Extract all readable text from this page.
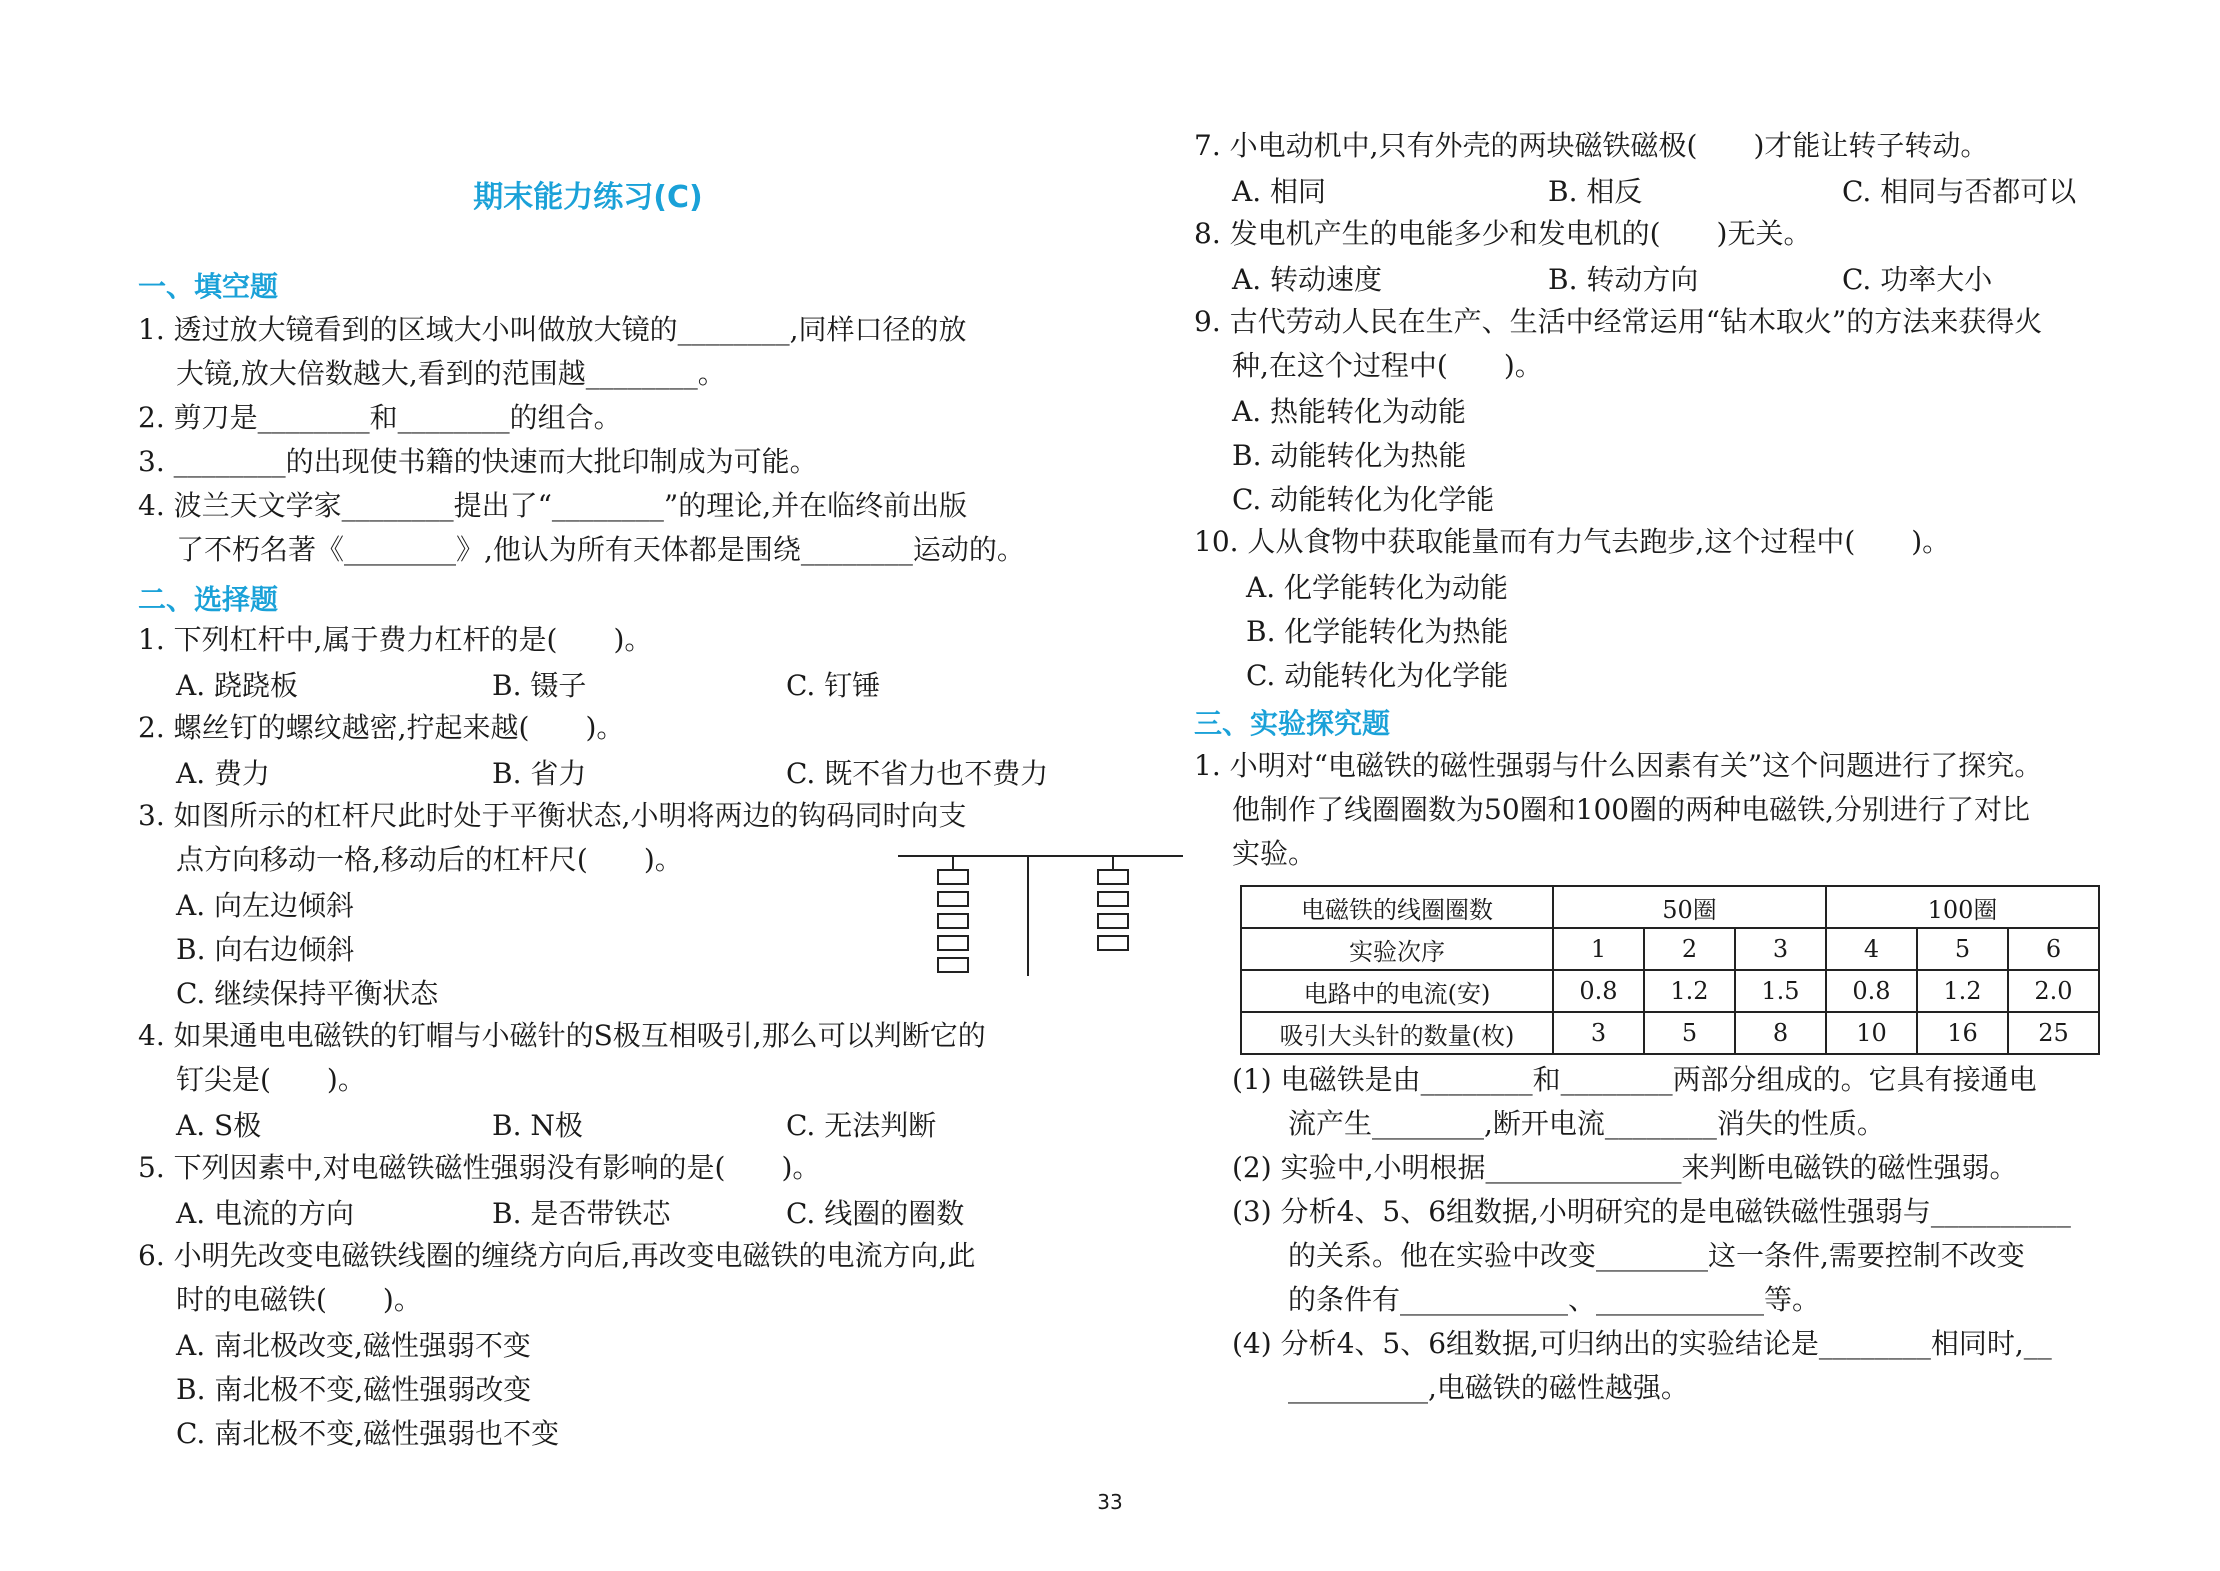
期末能力练习(C)
一、填空题
1. 透过放大镜看到的区域大小叫做放大镜的________,同样口径的放
大镜,放大倍数越大,看到的范围越________。
2. 剪刀是________和________的组合。
3. ________的出现使书籍的快速而大批印制成为可能。
4. 波兰天文学家________提出了“________”的理论,并在临终前出版
了不朽名著《________》,他认为所有天体都是围绕________运动的。
二、选择题
1. 下列杠杆中,属于费力杠杆的是(　　)。
A. 跷跷板	B. 镊子	C. 钉锤
2. 螺丝钉的螺纹越密,拧起来越(　　)。
A. 费力	B. 省力	C. 既不省力也不费力
3. 如图所示的杠杆尺此时处于平衡状态,小明将两边的钩码同时向支
点方向移动一格,移动后的杠杆尺(　　)。
A. 向左边倾斜
B. 向右边倾斜
C. 继续保持平衡状态
4. 如果通电电磁铁的钉帽与小磁针的S极互相吸引,那么可以判断它的
钉尖是(　　)。
A. S极	B. N极	C. 无法判断
5. 下列因素中,对电磁铁磁性强弱没有影响的是(　　)。
A. 电流的方向	B. 是否带铁芯	C. 线圈的圈数
6. 小明先改变电磁铁线圈的缠绕方向后,再改变电磁铁的电流方向,此
时的电磁铁(　　)。
A. 南北极改变,磁性强弱不变
B. 南北极不变,磁性强弱改变
C. 南北极不变,磁性强弱也不变
7. 小电动机中,只有外壳的两块磁铁磁极(　　)才能让转子转动。
A. 相同	B. 相反	C. 相同与否都可以
8. 发电机产生的电能多少和发电机的(　　)无关。
A. 转动速度	B. 转动方向	C. 功率大小
9. 古代劳动人民在生产、生活中经常运用“钻木取火”的方法来获得火
种,在这个过程中(　　)。
A. 热能转化为动能
B. 动能转化为热能
C. 动能转化为化学能
10. 人从食物中获取能量而有力气去跑步,这个过程中(　　)。
A. 化学能转化为动能
B. 化学能转化为热能
C. 动能转化为化学能
三、实验探究题
1. 小明对“电磁铁的磁性强弱与什么因素有关”这个问题进行了探究。
他制作了线圈圈数为50圈和100圈的两种电磁铁,分别进行了对比
实验。
电磁铁的线圈圈数	50圈			100圈		
实验次序	1	2	3	4	5	6
电路中的电流(安)	0.8	1.2	1.5	0.8	1.2	2.0
吸引大头针的数量(枚)	3	5	8	10	16	25
(1) 电磁铁是由________和________两部分组成的。它具有接通电
流产生________,断开电流________消失的性质。
(2) 实验中,小明根据______________来判断电磁铁的磁性强弱。
(3) 分析4、5、6组数据,小明研究的是电磁铁磁性强弱与__________
的关系。他在实验中改变________这一条件,需要控制不改变
的条件有____________、____________等。
(4) 分析4、5、6组数据,可归纳出的实验结论是________相同时,__
__________,电磁铁的磁性越强。
33
